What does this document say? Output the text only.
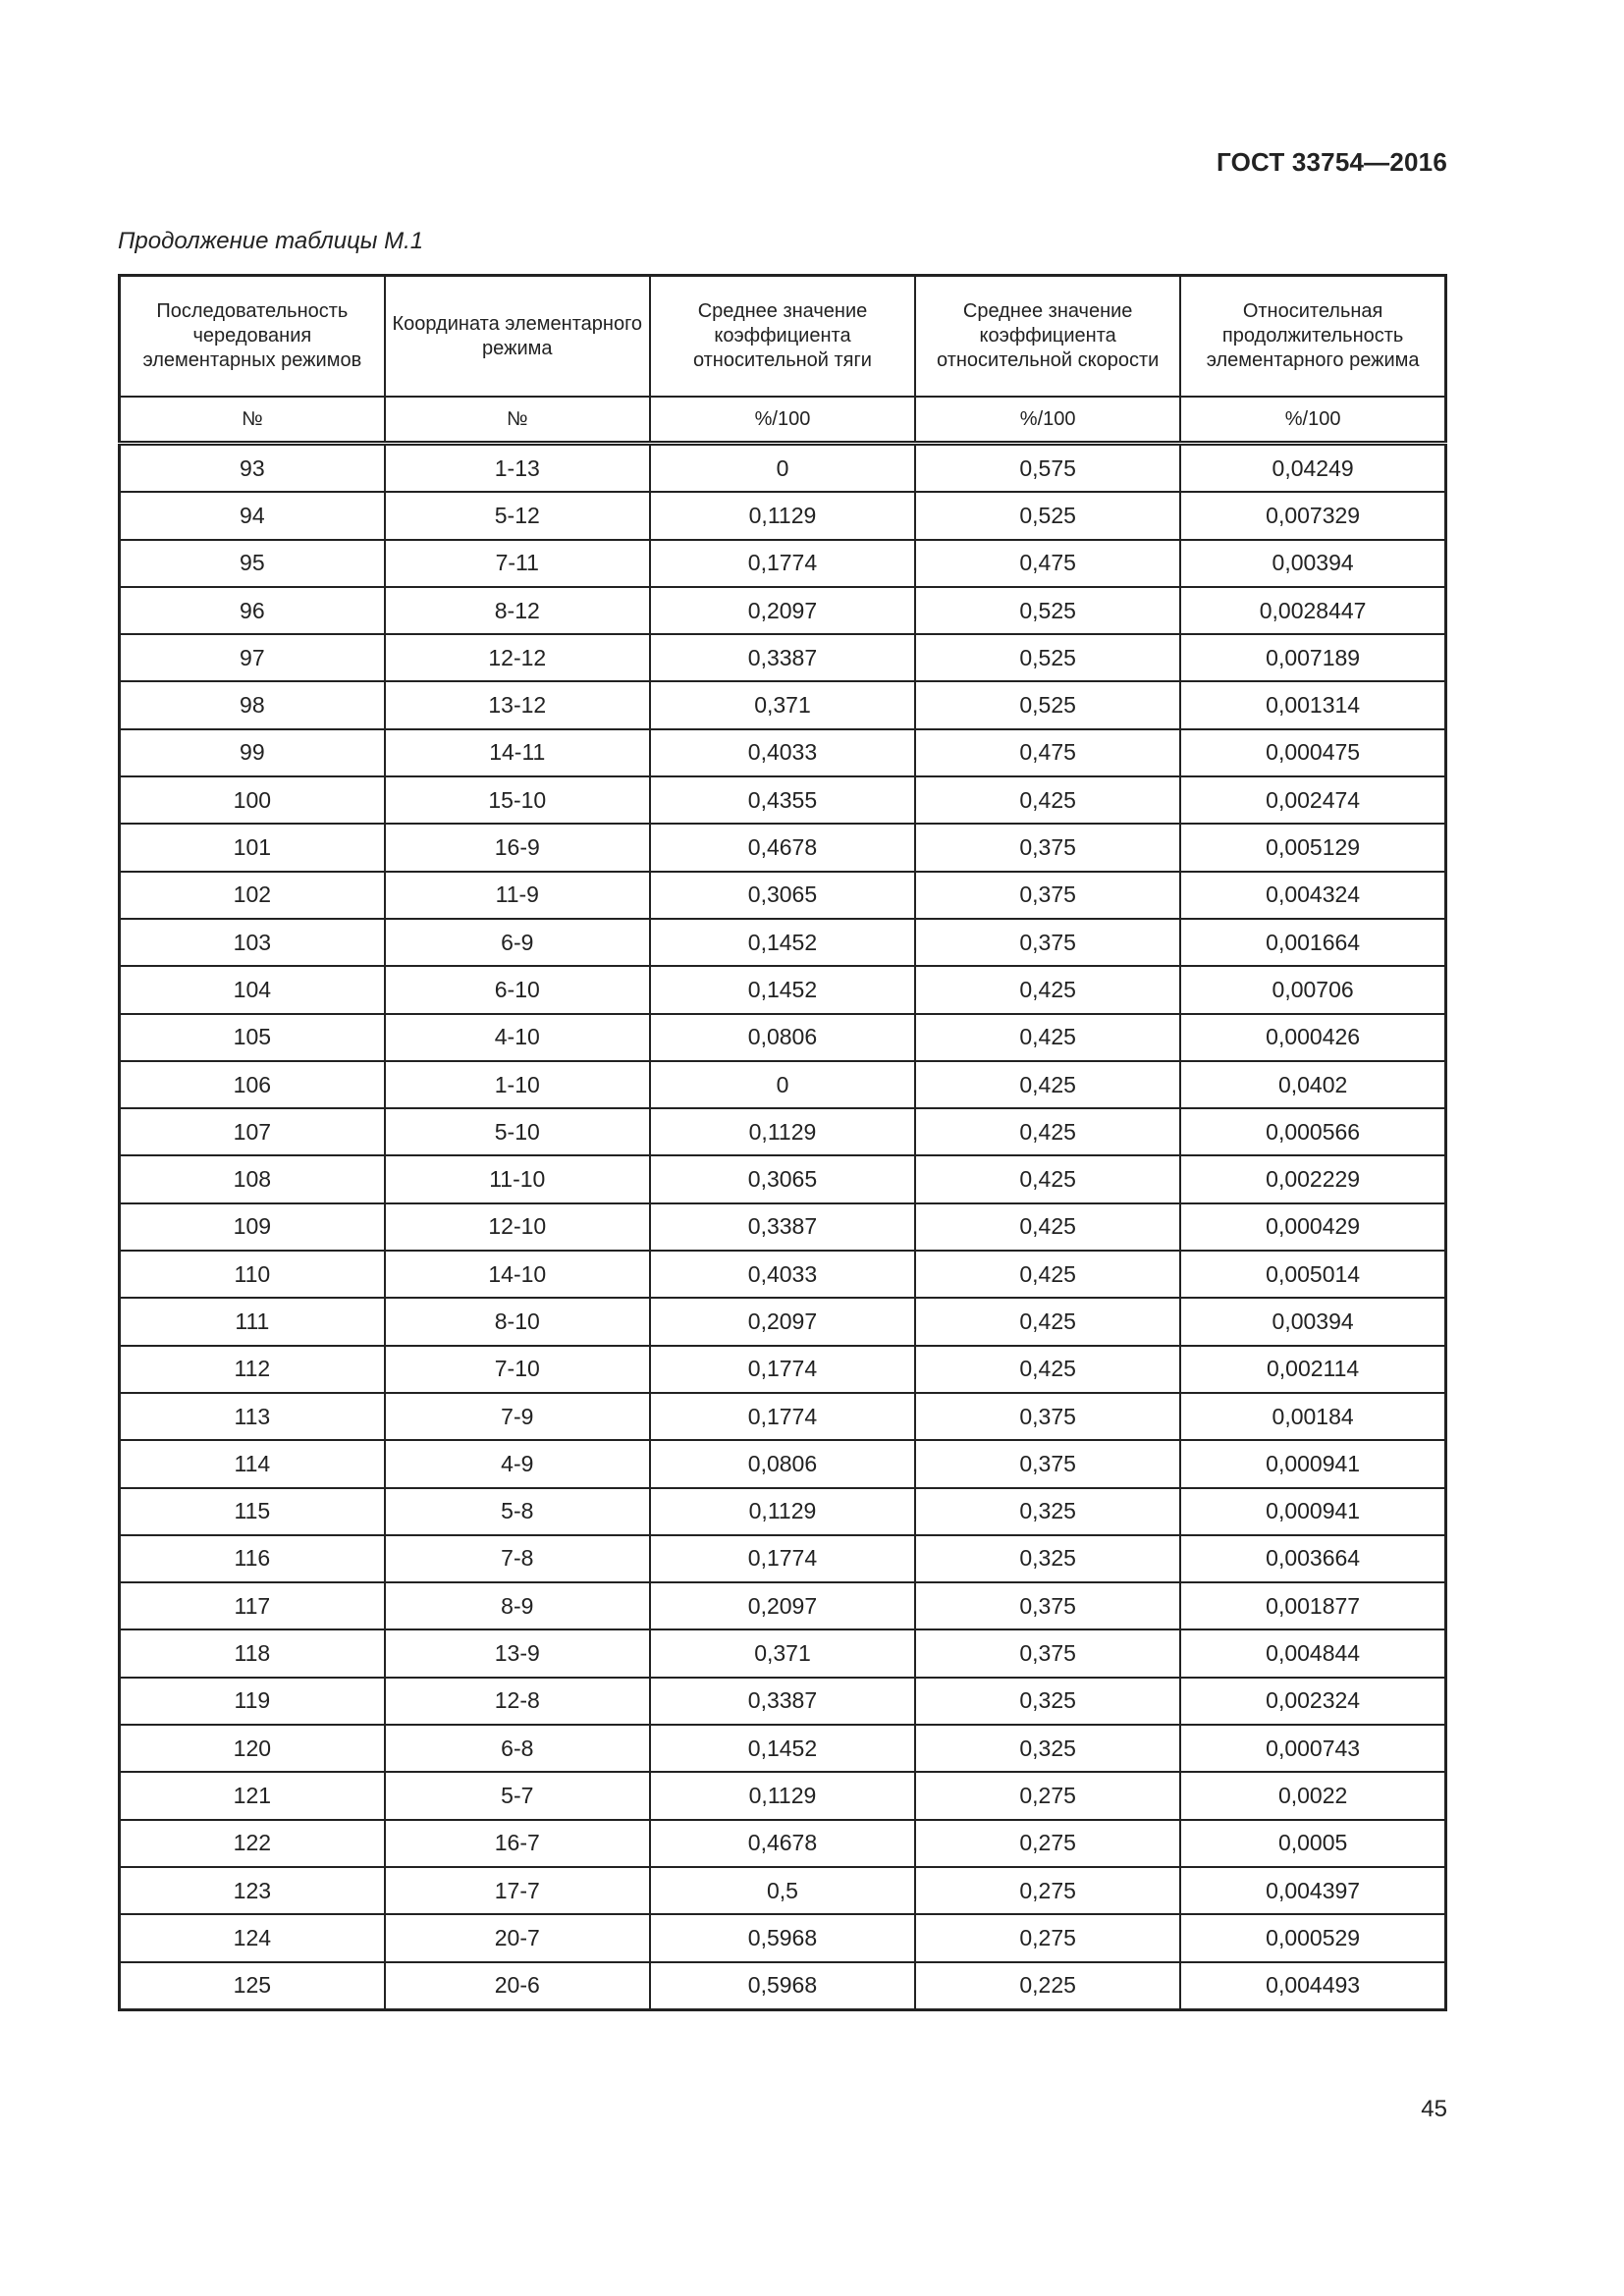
ГОСТ 33754—2016
Продолжение таблицы М.1
Последовательность чередования элементарных режимов	Координата элементарного режима	Среднее значение коэффициента относительной тяги	Среднее значение коэффициента относительной скорости	Относительная продолжительность элементарного режима
№	№	%/100	%/100	%/100
93	1-13	0	0,575	0,04249
94	5-12	0,1129	0,525	0,007329
95	7-11	0,1774	0,475	0,00394
96	8-12	0,2097	0,525	0,0028447
97	12-12	0,3387	0,525	0,007189
98	13-12	0,371	0,525	0,001314
99	14-11	0,4033	0,475	0,000475
100	15-10	0,4355	0,425	0,002474
101	16-9	0,4678	0,375	0,005129
102	11-9	0,3065	0,375	0,004324
103	6-9	0,1452	0,375	0,001664
104	6-10	0,1452	0,425	0,00706
105	4-10	0,0806	0,425	0,000426
106	1-10	0	0,425	0,0402
107	5-10	0,1129	0,425	0,000566
108	11-10	0,3065	0,425	0,002229
109	12-10	0,3387	0,425	0,000429
110	14-10	0,4033	0,425	0,005014
111	8-10	0,2097	0,425	0,00394
112	7-10	0,1774	0,425	0,002114
113	7-9	0,1774	0,375	0,00184
114	4-9	0,0806	0,375	0,000941
115	5-8	0,1129	0,325	0,000941
116	7-8	0,1774	0,325	0,003664
117	8-9	0,2097	0,375	0,001877
118	13-9	0,371	0,375	0,004844
119	12-8	0,3387	0,325	0,002324
120	6-8	0,1452	0,325	0,000743
121	5-7	0,1129	0,275	0,0022
122	16-7	0,4678	0,275	0,0005
123	17-7	0,5	0,275	0,004397
124	20-7	0,5968	0,275	0,000529
125	20-6	0,5968	0,225	0,004493
45
